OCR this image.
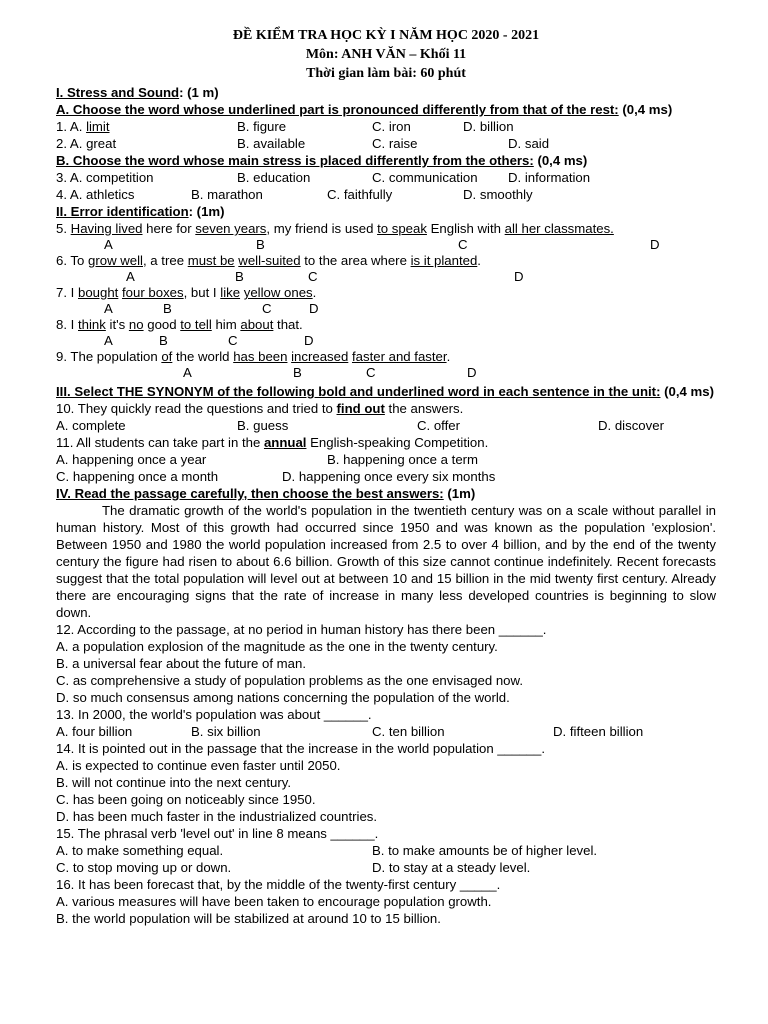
ĐỀ KIỂM TRA HỌC KỲ I NĂM HỌC 2020 - 2021
Môn: ANH VĂN – Khối 11
Thời gian làm bài: 60 phút
I. Stress and Sound: (1 m)
A. Choose the word whose underlined part is pronounced differently from that of the rest: (0,4 ms)
1. A. limit	B. figure	C. iron	D. billion
2. A. great	B. available	C. raise	D. said
B. Choose the word whose main stress is placed differently from the others: (0,4 ms)
3. A. competition	B. education	C. communication D. information
4. A. athletics	B. marathon	C. faithfully	D. smoothly
II. Error identification: (1m)
5. Having lived here for seven years, my friend is used to speak English with all her classmates.
A	B	C	D
6. To grow well, a tree must be well-suited to the area where is it planted.
A	B	C	D
7. I bought four boxes, but I like yellow ones.
A	B	C	D
8. I think it's no good to tell him about that.
A	B	C	D
9. The population of the world has been increased faster and faster.
A	B	C	D
III. Select THE SYNONYM of the following bold and underlined word in each sentence in the unit: (0,4 ms)
10. They quickly read the questions and tried to find out the answers.
A. complete	B. guess	C. offer	D. discover
11. All students can take part in the annual English-speaking Competition.
A. happening once a year	B. happening once a term
C. happening once a month	D. happening once every six months
IV. Read the passage carefully, then choose the best answers: (1m)
The dramatic growth of the world's population in the twentieth century was on a scale without parallel in human history. Most of this growth had occurred since 1950 and was known as the population 'explosion'. Between 1950 and 1980 the world population increased from 2.5 to over 4 billion, and by the end of the twenty century the figure had risen to about 6.6 billion. Growth of this size cannot continue indefinitely. Recent forecasts suggest that the total population will level out at between 10 and 15 billion in the mid twenty first century. Already there are encouraging signs that the rate of increase in many less developed countries is beginning to slow down.
12. According to the passage, at no period in human history has there been ______.
A. a population explosion of the magnitude as the one in the twenty century.
B. a universal fear about the future of man.
C. as comprehensive a study of population problems as the one envisaged now.
D. so much consensus among nations concerning the population of the world.
13. In 2000, the world's population was about ______.
A. four billion	B. six billion	C. ten billion	D. fifteen billion
14. It is pointed out in the passage that the increase in the world population ______.
A. is expected to continue even faster until 2050.
B. will not continue into the next century.
C. has been going on noticeably since 1950.
D. has been much faster in the industrialized countries.
15. The phrasal verb 'level out' in line 8 means ______.
A. to make something equal.	B. to make amounts be of higher level.
C. to stop moving up or down.	D. to stay at a steady level.
16. It has been forecast that, by the middle of the twenty-first century _____.
A. various measures will have been taken to encourage population growth.
B. the world population will be stabilized at around 10 to 15 billion.
